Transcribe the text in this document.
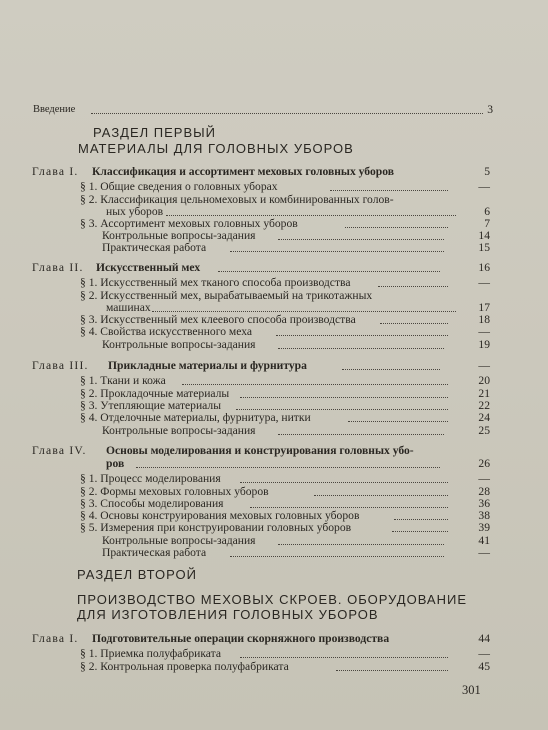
Введение	3
РАЗДЕЛ ПЕРВЫЙ
МАТЕРИАЛЫ ДЛЯ ГОЛОВНЫХ УБОРОВ
Глава I. Классификация и ассортимент меховых головных уборов	5
§ 1. Общие сведения о головных уборах	—
§ 2. Классификация цельномеховых и комбинированных голов-
ных уборов	6
§ 3. Ассортимент меховых головных уборов	7
Контрольные вопросы-задания	14
Практическая работа	15
Глава II. Искусственный мех	16
§ 1. Искусственный мех тканого способа производства	—
§ 2. Искусственный мех, вырабатываемый на трикотажных
машинах	17
§ 3. Искусственный мех клеевого способа производства	18
§ 4. Свойства искусственного меха	—
Контрольные вопросы-задания	19
Глава III. Прикладные материалы и фурнитура	—
§ 1. Ткани и кожа	20
§ 2. Прокладочные материалы	21
§ 3. Утепляющие материалы	22
§ 4. Отделочные материалы, фурнитура, нитки	24
Контрольные вопросы-задания	25
Глава IV. Основы моделирования и конструирования головных убо-
ров	26
§ 1. Процесс моделирования	—
§ 2. Формы меховых головных уборов	28
§ 3. Способы моделирования	36
§ 4. Основы конструирования меховых головных уборов	38
§ 5. Измерения при конструировании головных уборов	39
Контрольные вопросы-задания	41
Практическая работа	—
РАЗДЕЛ ВТОРОЙ
ПРОИЗВОДСТВО МЕХОВЫХ СКРОЕВ. ОБОРУДОВАНИЕ
ДЛЯ ИЗГОТОВЛЕНИЯ ГОЛОВНЫХ УБОРОВ
Глава I. Подготовительные операции скорняжного производства	44
§ 1. Приемка полуфабриката	—
§ 2. Контрольная проверка полуфабриката	45
301
